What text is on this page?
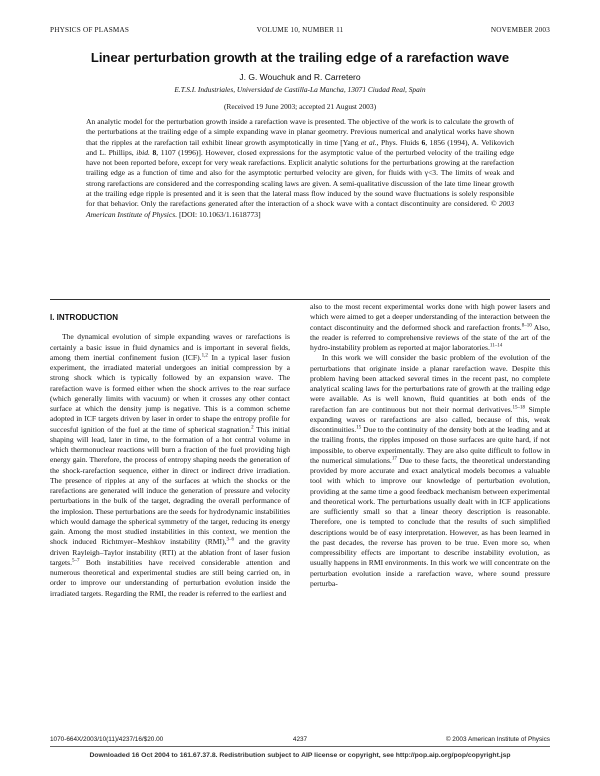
PHYSICS OF PLASMAS	VOLUME 10, NUMBER 11	NOVEMBER 2003
Linear perturbation growth at the trailing edge of a rarefaction wave
J. G. Wouchuk and R. Carretero
E.T.S.I. Industriales, Universidad de Castilla-La Mancha, 13071 Ciudad Real, Spain
(Received 19 June 2003; accepted 21 August 2003)

An analytic model for the perturbation growth inside a rarefaction wave is presented. The objective of the work is to calculate the growth of the perturbations at the trailing edge of a simple expanding wave in planar geometry. Previous numerical and analytical works have shown that the ripples at the rarefaction tail exhibit linear growth asymptotically in time [Yang et al., Phys. Fluids 6, 1856 (1994), A. Velikovich and L. Phillips, ibid. 8, 1107 (1996)]. However, closed expressions for the asymptotic value of the perturbed velocity of the trailing edge have not been reported before, except for very weak rarefactions. Explicit analytic solutions for the perturbations growing at the rarefaction trailing edge as a function of time and also for the asymptotic perturbed velocity are given, for fluids with γ<3. The limits of weak and strong rarefactions are considered and the corresponding scaling laws are given. A semi-qualitative discussion of the late time linear growth at the trailing edge ripple is presented and it is seen that the lateral mass flow induced by the sound wave fluctuations is solely responsible for that behavior. Only the rarefactions generated after the interaction of a shock wave with a contact discontinuity are considered. © 2003 American Institute of Physics. [DOI: 10.1063/1.1618773]

I. INTRODUCTION

The dynamical evolution of simple expanding waves or rarefactions is certainly a basic issue in fluid dynamics and is important in several fields, among them inertial confinement fusion (ICF).$^{1,2}$ In a typical laser fusion experiment, the irradiated material undergoes an initial compression by a strong shock which is typically followed by an expansion wave. The rarefaction wave is formed either when the shock arrives to the rear surface (which generally limits with vacuum) or when it crosses any other contact surface at which the density jump is negative. This is a common scheme adopted in ICF targets driven by laser in order to shape the entropy profile for succesful ignition of the fuel at the time of spherical stagnation.$^2$ This initial shaping will lead, later in time, to the formation of a hot central volume in which thermonuclear reactions will burn a fraction of the fuel providing high energy gain. Therefore, the process of entropy shaping needs the generation of the shock-rarefaction sequence, either in direct or indirect drive irradiation. The presence of ripples at any of the surfaces at which the shocks or the rarefactions are generated will induce the generation of pressure and velocity perturbations in the bulk of the target, degrading the overall performance of the implosion. These perturbations are the seeds for hydrodynamic instabilities which would damage the spherical symmetry of the target, reducing its energy gain. Among the most studied instabilities in this context, we mention the shock induced Richtmyer–Meshkov instability (RMI),$^{3-6}$ and the gravity driven Rayleigh–Taylor instability (RTI) at the ablation front of laser fusion targets.$^{5-7}$ Both instabilities have received considerable attention and numerous theoretical and experimental studies are still being carried on, in order to improve our understanding of perturbation evolution inside the irradiated targets. Regarding the RMI, the reader is referred to the earliest and

also to the most recent experimental works done with high power lasers and which were aimed to get a deeper understanding of the interaction between the contact discontinuity and the deformed shock and rarefaction fronts.$^{8-10}$ Also, the reader is referred to comprehensive reviews of the state of the art of the hydro-instability problem as reported at major laboratories.$^{11-14}$

In this work we will consider the basic problem of the evolution of the perturbations that originate inside a planar rarefaction wave. Despite this problem having been attacked several times in the recent past, no complete analytical scaling laws for the perturbations rate of growth at the trailing edge were available. As is well known, fluid quantities at both ends of the rarefaction fan are continuous but not their normal derivatives.$^{15-18}$ Simple expanding waves or rarefactions are also called, because of this, weak discontinuities.$^{15}$ Due to the continuity of the density both at the leading and at the trailing fronts, the ripples imposed on those surfaces are quite hard, if not impossible, to oberve experimentally. They are also quite difficult to follow in the numerical simulations.$^{17}$ Due to these facts, the theoretical understanding provided by more accurate and exact analytical models becomes a valuable tool with which to improve our knowledge of perturbation evolution, providing at the same time a good feedback mechanism between experimental and theoretical work. The perturbations usually dealt with in ICF applications are sufficiently small so that a linear theory description is reasonable. Therefore, one is tempted to conclude that the results of such simplified descriptions would be of easy interpretation. However, as has been learned in the past decades, the reverse has proven to be true. Even more so, when compressibility effects are important to describe instability evolution, as usually happens in RMI environments. In this work we will concentrate on the perturbation evolution inside a rarefaction wave, where sound pressure perturba-

1070-664X/2003/10(11)/4237/16/$20.00	4237	© 2003 American Institute of Physics
Downloaded 16 Oct 2004 to 161.67.37.8. Redistribution subject to AIP license or copyright, see http://pop.aip.org/pop/copyright.jsp
